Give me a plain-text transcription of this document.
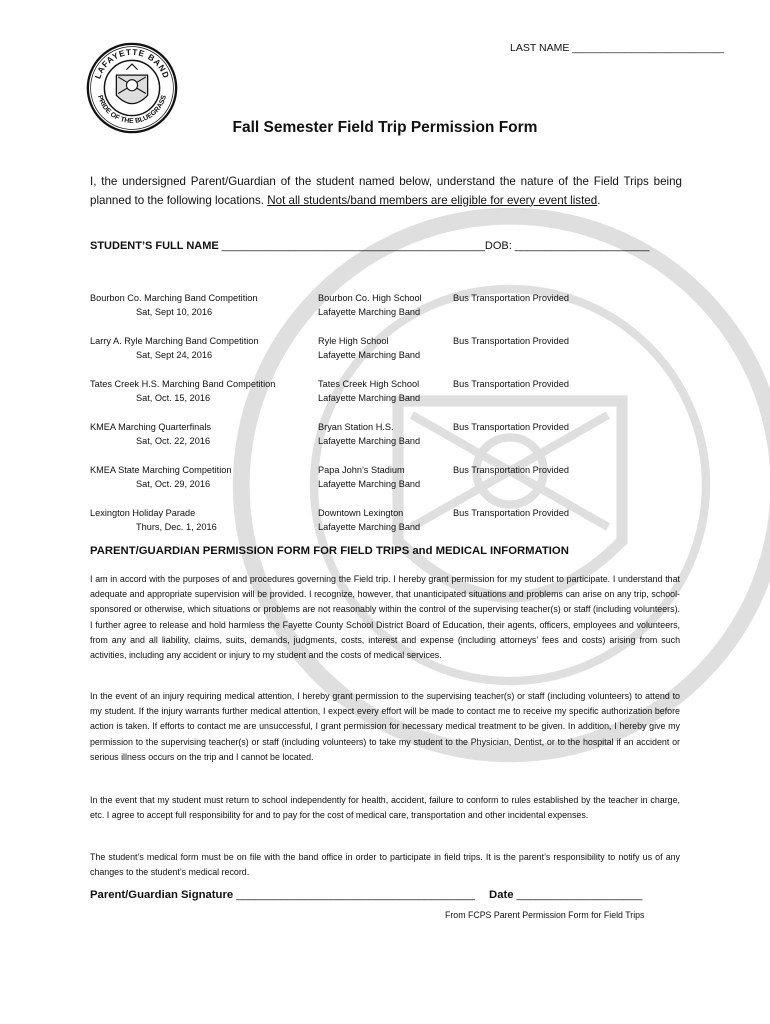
LAFAYETTE BAND
PRIDE OF THE BLUEGRASS
LAST NAME __________________________
Fall Semester Field Trip Permission Form
I, the undersigned Parent/Guardian of the student named below, understand the nature of the Field Trips being planned to the following locations. Not all students/band members are eligible for every event listed.
STUDENT’S FULL NAME ___________________________________________DOB: ______________________
Bourbon Co. Marching Band Competition
Sat, Sept 10, 2016
Bourbon Co. High School
Lafayette Marching Band
Bus Transportation Provided
Larry A. Ryle Marching Band Competition
Sat, Sept 24, 2016
Ryle High School
Lafayette Marching Band
Bus Transportation Provided
Tates Creek H.S. Marching Band Competition
Sat, Oct. 15, 2016
Tates Creek High School
Lafayette Marching Band
Bus Transportation Provided
KMEA Marching Quarterfinals
Sat, Oct. 22, 2016
Bryan Station H.S.
Lafayette Marching Band
Bus Transportation Provided
KMEA State Marching Competition
Sat, Oct. 29, 2016
Papa John’s Stadium
Lafayette Marching Band
Bus Transportation Provided
Lexington Holiday Parade
Thurs, Dec. 1, 2016
Downtown Lexington
Lafayette Marching Band
Bus Transportation Provided
PARENT/GUARDIAN PERMISSION FORM FOR FIELD TRIPS and MEDICAL INFORMATION
I am in accord with the purposes of and procedures governing the Field trip. I hereby grant permission for my student to participate. I understand that adequate and appropriate supervision will be provided. I recognize, however, that unanticipated situations and problems can arise on any trip, school-sponsored or otherwise, which situations or problems are not reasonably within the control of the supervising teacher(s) or staff (including volunteers). I further agree to release and hold harmless the Fayette County School District Board of Education, their agents, officers, employees and volunteers, from any and all liability, claims, suits, demands, judgments, costs, interest and expense (including attorneys’ fees and costs) arising from such activities, including any accident or injury to my student and the costs of medical services.
In the event of an injury requiring medical attention, I hereby grant permission to the supervising teacher(s) or staff (including volunteers) to attend to my student. If the injury warrants further medical attention, I expect every effort will be made to contact me to receive my specific authorization before action is taken. If efforts to contact me are unsuccessful, I grant permission for necessary medical treatment to be given. In addition, I hereby give my permission to the supervising teacher(s) or staff (including volunteers) to take my student to the Physician, Dentist, or to the hospital if an accident or serious illness occurs on the trip and I cannot be located.
In the event that my student must return to school independently for health, accident, failure to conform to rules established by the teacher in charge, etc. I agree to accept full responsibility for and to pay for the cost of medical care, transportation and other incidental expenses.
The student’s medical form must be on file with the band office in order to participate in field trips. It is the parent’s responsibility to notify us of any changes to the student’s medical record.
Parent/Guardian Signature ______________________________________ Date ____________________
From FCPS Parent Permission Form for Field Trips
